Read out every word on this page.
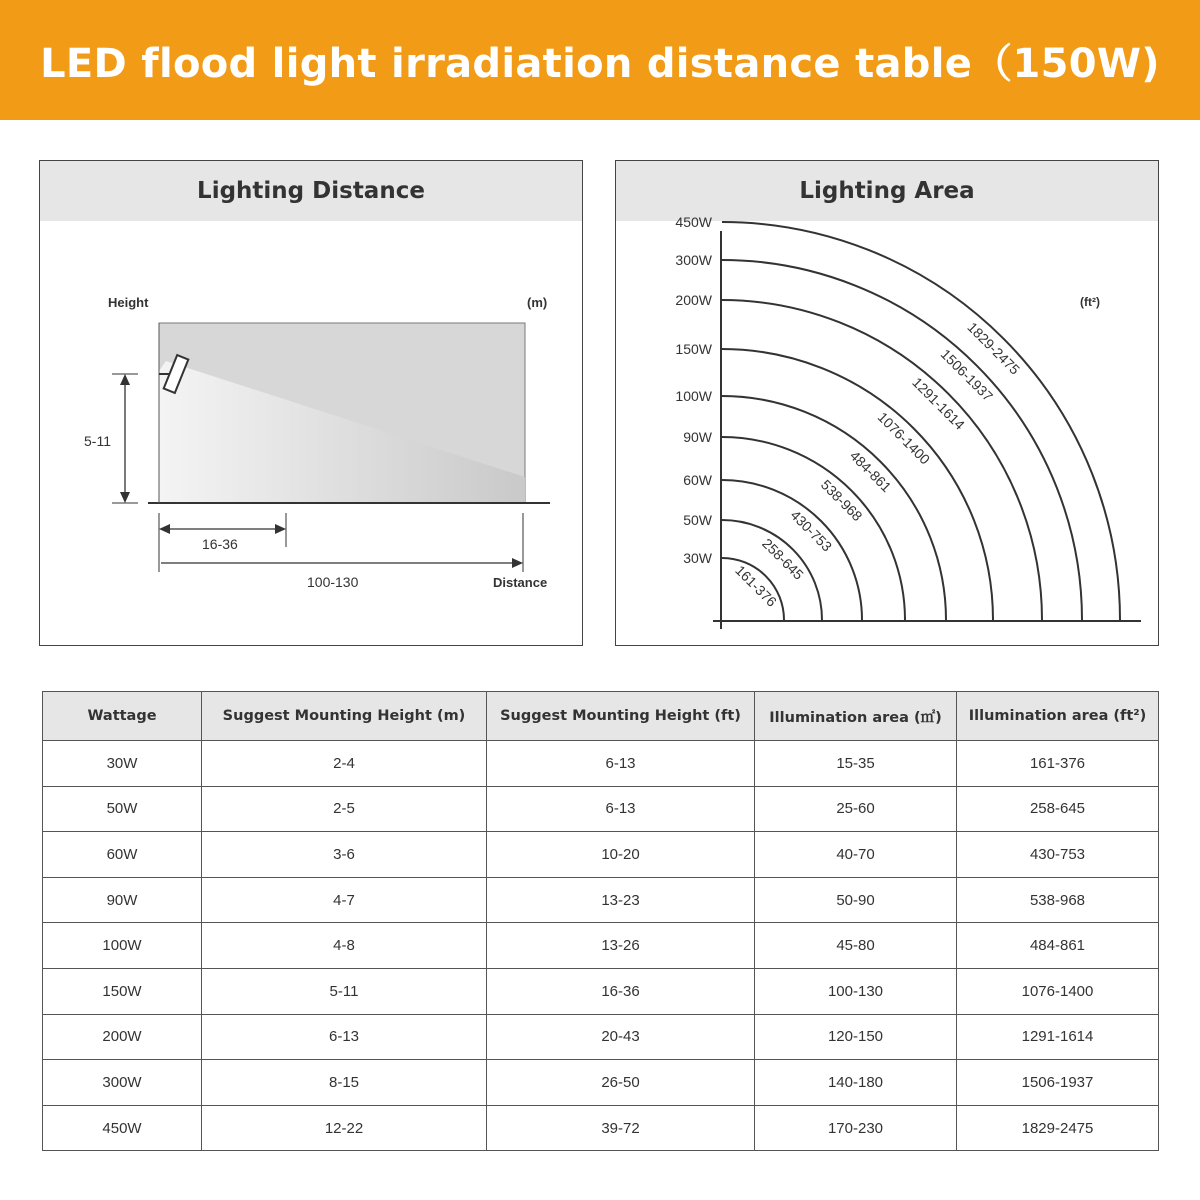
LED flood light irradiation distance table（150W)
Lighting Distance
Height	(m)
5-11
16-36
100-130	Distance
Lighting Area
(ft²)
30W
161-376
50W
258-645
60W
430-753
90W
538-968
100W
484-861
150W
1076-1400
200W
1291-1614
300W
1506-1937
450W
1829-2475
Wattage	Suggest Mounting Height (m)	Suggest Mounting Height (ft)	Illumination area (㎡)	Illumination area (ft²)
30W	2-4	6-13	15-35	161-376
50W	2-5	6-13	25-60	258-645
60W	3-6	10-20	40-70	430-753
90W	4-7	13-23	50-90	538-968
100W	4-8	13-26	45-80	484-861
150W	5-11	16-36	100-130	1076-1400
200W	6-13	20-43	120-150	1291-1614
300W	8-15	26-50	140-180	1506-1937
450W	12-22	39-72	170-230	1829-2475
